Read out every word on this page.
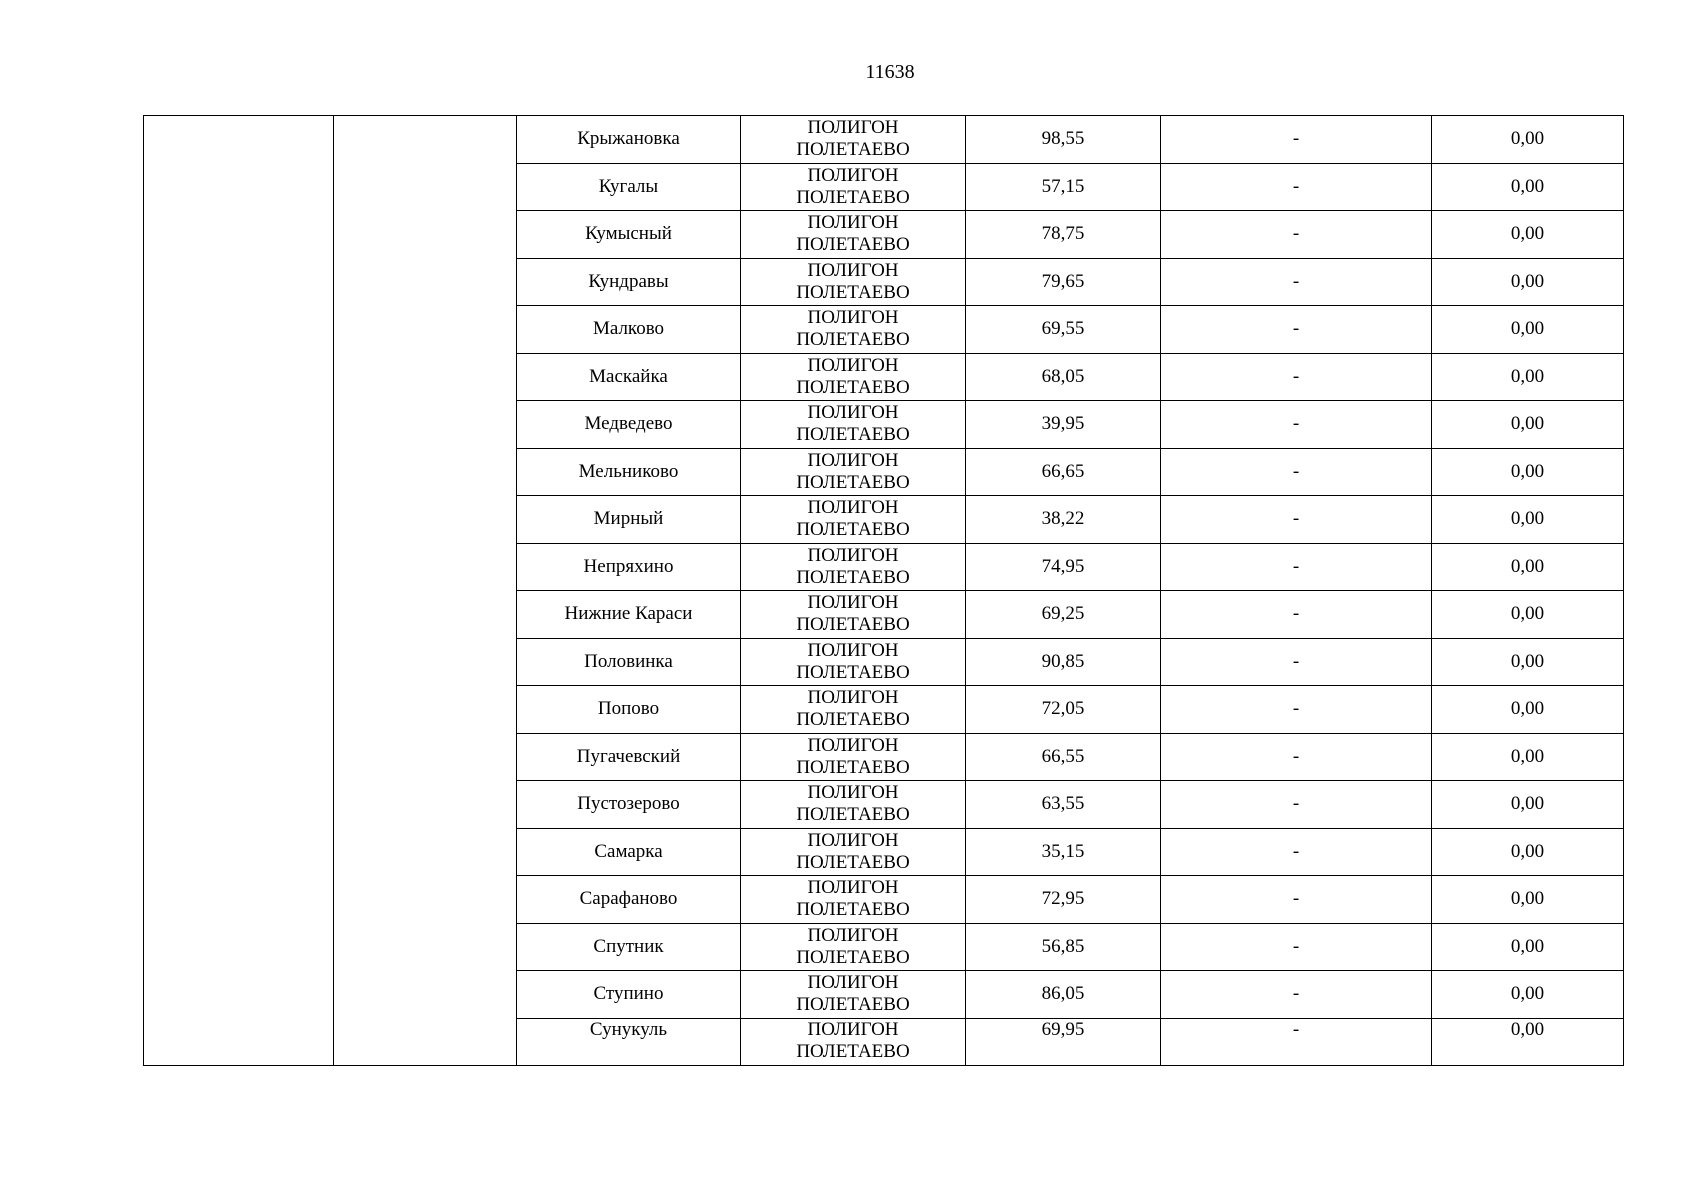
11638
		Крыжановка	ПОЛИГОН
ПОЛЕТАЕВО	98,55	-	0,00
		Кугалы	ПОЛИГОН
ПОЛЕТАЕВО	57,15	-	0,00
		Кумысный	ПОЛИГОН
ПОЛЕТАЕВО	78,75	-	0,00
		Кундравы	ПОЛИГОН
ПОЛЕТАЕВО	79,65	-	0,00
		Малково	ПОЛИГОН
ПОЛЕТАЕВО	69,55	-	0,00
		Маскайка	ПОЛИГОН
ПОЛЕТАЕВО	68,05	-	0,00
		Медведево	ПОЛИГОН
ПОЛЕТАЕВО	39,95	-	0,00
		Мельниково	ПОЛИГОН
ПОЛЕТАЕВО	66,65	-	0,00
		Мирный	ПОЛИГОН
ПОЛЕТАЕВО	38,22	-	0,00
		Непряхино	ПОЛИГОН
ПОЛЕТАЕВО	74,95	-	0,00
		Нижние Караси	ПОЛИГОН
ПОЛЕТАЕВО	69,25	-	0,00
		Половинка	ПОЛИГОН
ПОЛЕТАЕВО	90,85	-	0,00
		Попово	ПОЛИГОН
ПОЛЕТАЕВО	72,05	-	0,00
		Пугачевский	ПОЛИГОН
ПОЛЕТАЕВО	66,55	-	0,00
		Пустозерово	ПОЛИГОН
ПОЛЕТАЕВО	63,55	-	0,00
		Самарка	ПОЛИГОН
ПОЛЕТАЕВО	35,15	-	0,00
		Сарафаново	ПОЛИГОН
ПОЛЕТАЕВО	72,95	-	0,00
		Спутник	ПОЛИГОН
ПОЛЕТАЕВО	56,85	-	0,00
		Ступино	ПОЛИГОН
ПОЛЕТАЕВО	86,05	-	0,00
		Сунукуль	ПОЛИГОН
ПОЛЕТАЕВО	69,95	-	0,00
